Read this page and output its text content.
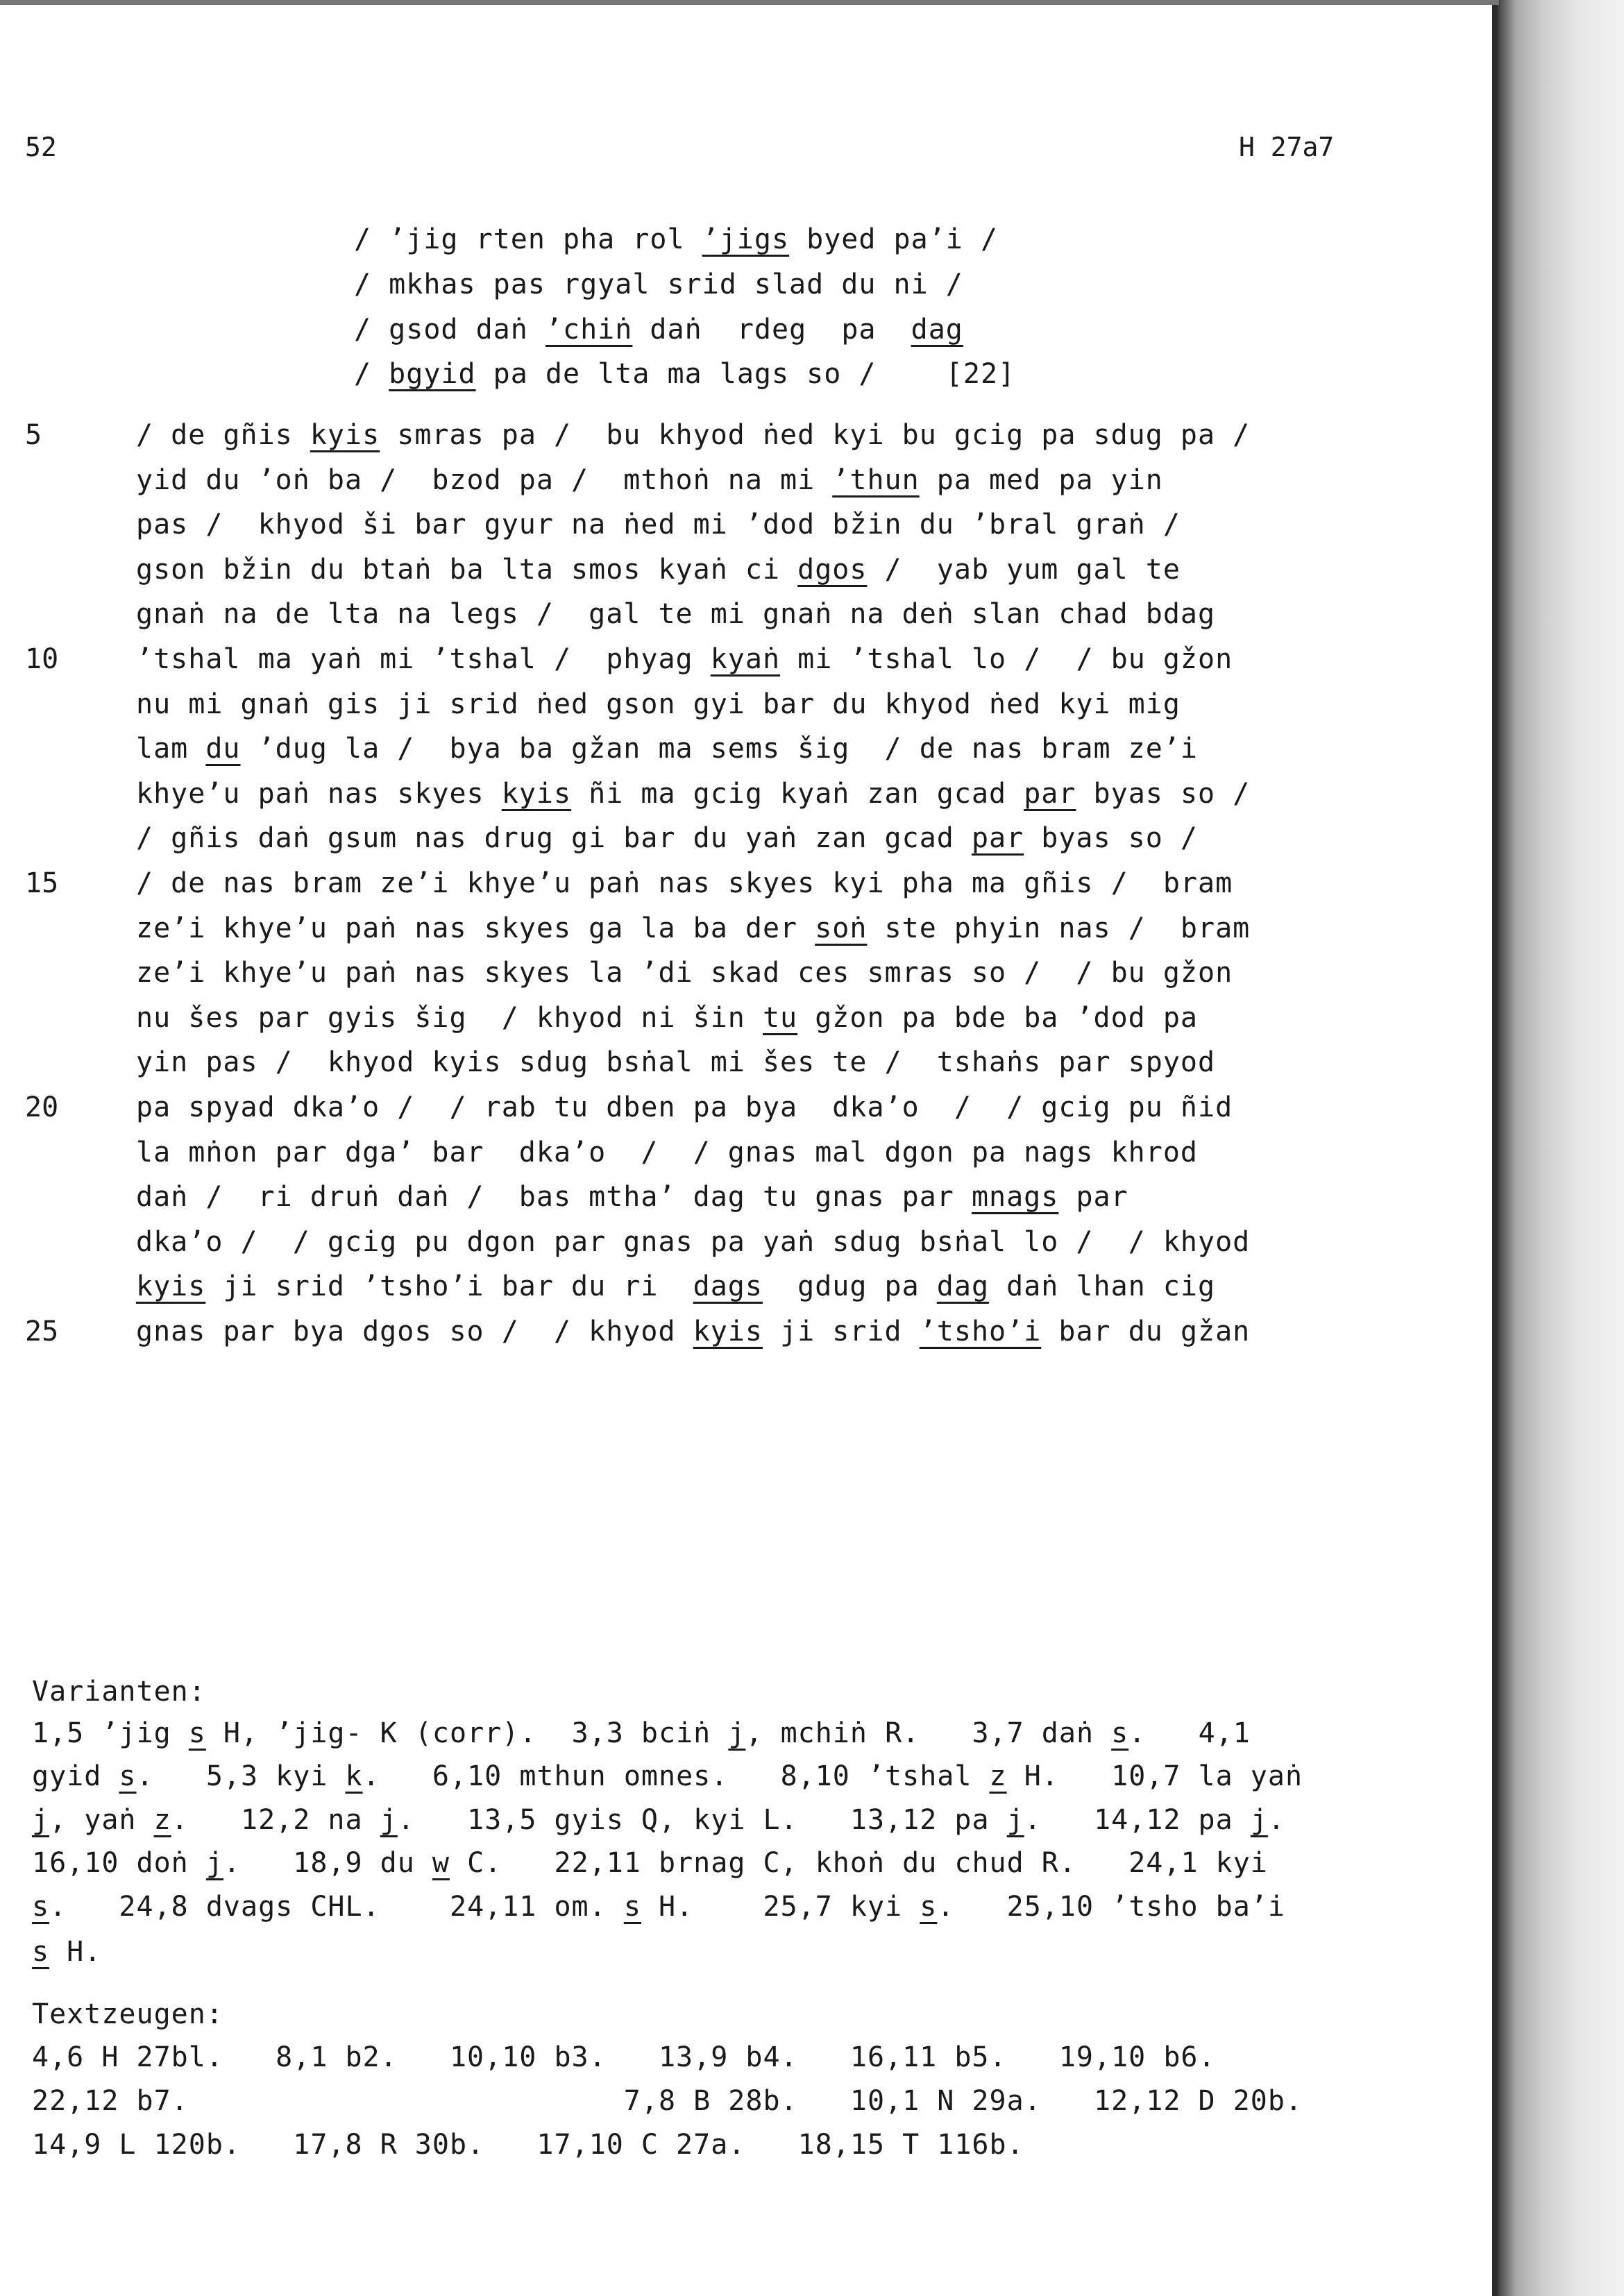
52	H 27a7
/ ’jig rten pha rol ’jigs byed pa’i /
/ mkhas pas rgyal srid slad du ni /
/ gsod daṅ ’chiṅ daṅ  rdeg  pa  dag
/ bgyid pa de lta ma lags so /    [22]
/ de gñis kyis smras pa /  bu khyod ṅed kyi bu gcig pa sdug pa /
5
yid du ’oṅ ba /  bzod pa /  mthoṅ na mi ’thun pa med pa yin
pas /  khyod ši bar gyur na ṅed mi ’dod bžin du ’bral graṅ /
gson bžin du btaṅ ba lta smos kyaṅ ci dgos /  yab yum gal te
gnaṅ na de lta na legs /  gal te mi gnaṅ na deṅ slan chad bdag
’tshal ma yaṅ mi ’tshal /  phyag kyaṅ mi ’tshal lo /  / bu gžon
10
nu mi gnaṅ gis ji srid ṅed gson gyi bar du khyod ṅed kyi mig
lam du ’dug la /  bya ba gžan ma sems šig  / de nas bram ze’i
khye’u paṅ nas skyes kyis ñi ma gcig kyaṅ zan gcad par byas so /
/ gñis daṅ gsum nas drug gi bar du yaṅ zan gcad par byas so /
/ de nas bram ze’i khye’u paṅ nas skyes kyi pha ma gñis /  bram
15
ze’i khye’u paṅ nas skyes ga la ba der soṅ ste phyin nas /  bram
ze’i khye’u paṅ nas skyes la ’di skad ces smras so /  / bu gžon
nu šes par gyis šig  / khyod ni šin tu gžon pa bde ba ’dod pa
yin pas /  khyod kyis sdug bsṅal mi šes te /  tshaṅs par spyod
pa spyad dka’o /  / rab tu dben pa bya  dka’o  /  / gcig pu ñid
20
la mṅon par dga’ bar  dka’o  /  / gnas mal dgon pa nags khrod
daṅ /  ri druṅ daṅ /  bas mtha’ dag tu gnas par mnags par
dka’o /  / gcig pu dgon par gnas pa yaṅ sdug bsṅal lo /  / khyod
kyis ji srid ’tsho’i bar du ri  dags  gdug pa dag daṅ lhan cig
gnas par bya dgos so /  / khyod kyis ji srid ’tsho’i bar du gžan
25
Varianten:
1,5 ’jig s H, ’jig- K (corr).  3,3 bciṅ j, mchiṅ R.   3,7 daṅ s.   4,1
gyid s.   5,3 kyi k.   6,10 mthun omnes.   8,10 ’tshal z H.   10,7 la yaṅ
j, yaṅ z.   12,2 na j.   13,5 gyis Q, kyi L.   13,12 pa j.   14,12 pa j.
16,10 doṅ j.   18,9 du w C.   22,11 brnag C, khoṅ du chud R.   24,1 kyi
s.   24,8 dvags CHL.    24,11 om. s H.    25,7 kyi s.   25,10 ’tsho ba’i
s H.
Textzeugen:
4,6 H 27bl.   8,1 b2.   10,10 b3.   13,9 b4.   16,11 b5.   19,10 b6.
22,12 b7.                         7,8 B 28b.   10,1 N 29a.   12,12 D 20b.
14,9 L 120b.   17,8 R 30b.   17,10 C 27a.   18,15 T 116b.
